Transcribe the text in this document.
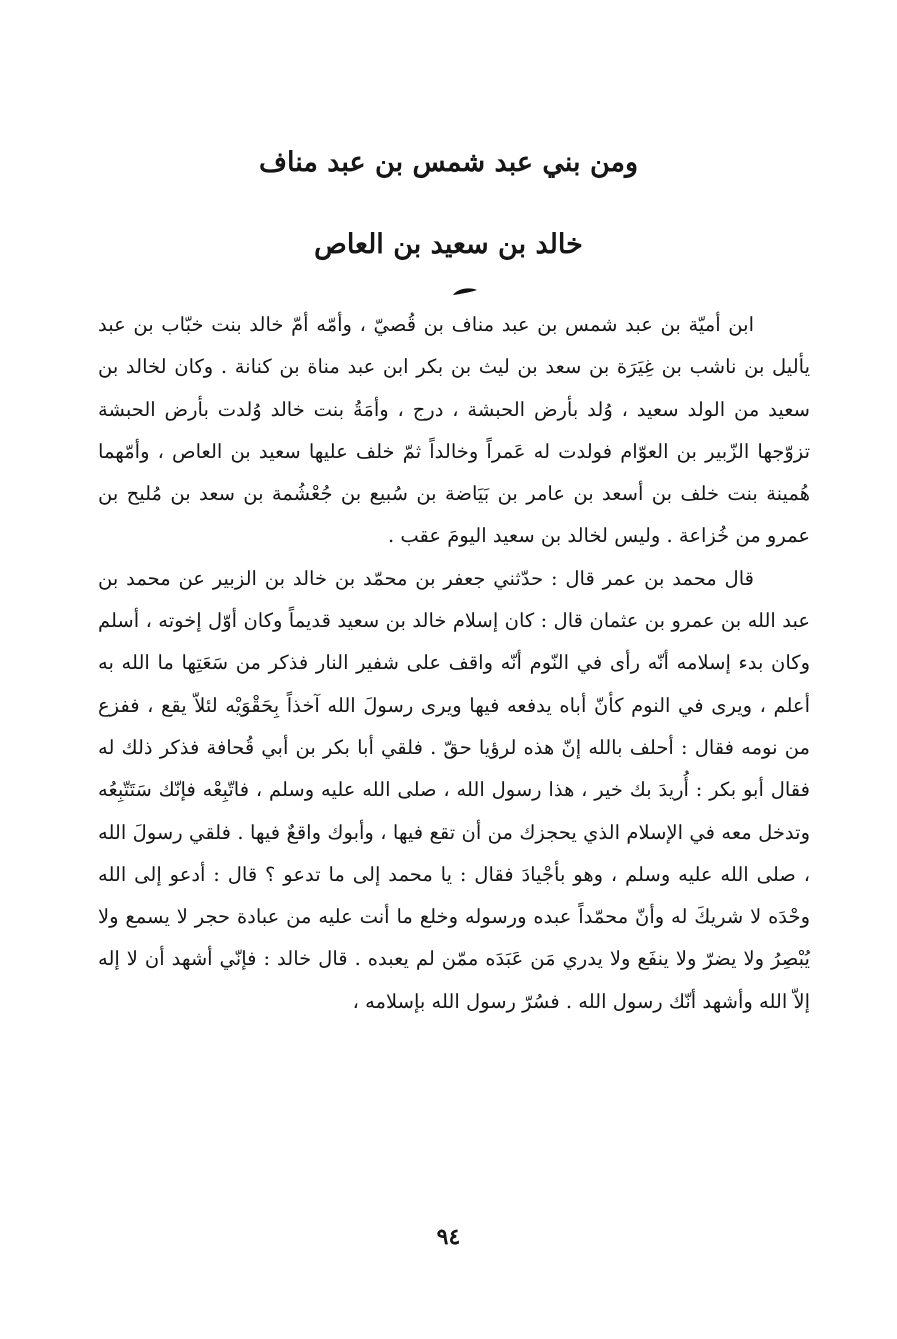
ومن بني عبد شمس بن عبد مناف
خالد بن سعيد بن العاص

ابن أميّة بن عبد شمس بن عبد مناف بن قُصيّ ، وأمّه أمّ خالد بنت خبّاب بن عبد يأليل بن ناشب بن غِيَرَة بن سعد بن ليث بن بكر ابن عبد مناة بن كنانة . وكان لخالد بن سعيد من الولد سعيد ، وُلد بأرض الحبشة ، درج ، وأمَةُ بنت خالد وُلدت بأرض الحبشة تزوّجها الزّبير بن العوّام فولدت له عَمراً وخالداً ثمّ خلف عليها سعيد بن العاص ، وأمّهما هُمينة بنت خلف بن أسعد بن عامر بن بَيَاضة بن سُبيع بن جُعْشُمة بن سعد بن مُليح بن عمرو من خُزاعة . وليس لخالد بن سعيد اليومَ عقب .

قال محمد بن عمر قال : حدّثني جعفر بن محمّد بن خالد بن الزبير عن محمد بن عبد الله بن عمرو بن عثمان قال : كان إسلام خالد بن سعيد قديماً وكان أوّل إخوته ، أسلم وكان بدء إسلامه أنّه رأى في النّوم أنّه واقف على شفير النار فذكر من سَعَتِها ما الله به أعلم ، ويرى في النوم كأنّ أباه يدفعه فيها ويرى رسولَ الله آخذاً بِحَقْوَيْه لئلاّ يقع ، ففزع من نومه فقال : أحلف بالله إنّ هذه لرؤيا حقّ . فلقي أبا بكر بن أبي قُحافة فذكر ذلك له فقال أبو بكر : أُريدَ بك خير ، هذا رسول الله ، صلى الله عليه وسلم ، فاتّبِعْه فإنّك سَتَتّبِعُه وتدخل معه في الإسلام الذي يحجزك من أن تقع فيها ، وأبوك واقعٌ فيها . فلقي رسولَ الله ، صلى الله عليه وسلم ، وهو بأجْيادَ فقال : يا محمد إلى ما تدعو ؟ قال : أدعو إلى الله وحْدَه لا شريكَ له وأنّ محمّداً عبده ورسوله وخلع ما أنت عليه من عبادة حجر لا يسمع ولا يُبْصِرُ ولا يضرّ ولا ينفَع ولا يدري مَن عَبَدَه ممّن لم يعبده . قال خالد : فإنّي أشهد أن لا إله إلاّ الله وأشهد أنّك رسول الله . فسُرّ رسول الله بإسلامه ،

٩٤
